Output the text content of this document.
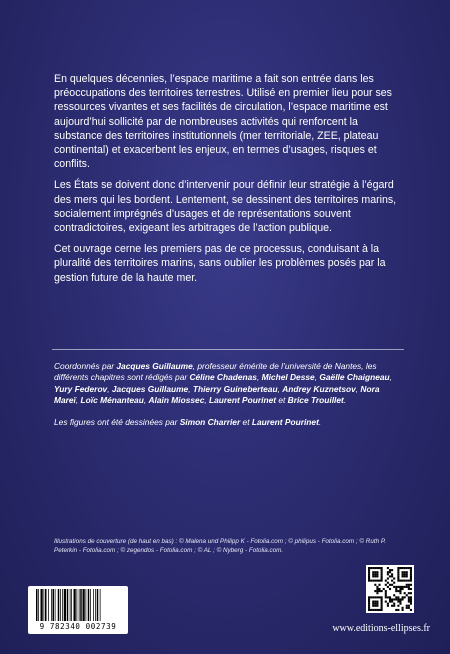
En quelques décennies, l’espace maritime a fait son entrée dans les préoccupations des territoires terrestres. Utilisé en premier lieu pour ses ressources vivantes et ses facilités de circulation, l’espace maritime est aujourd’hui sollicité par de nombreuses activités qui renforcent la substance des territoires institutionnels (mer territoriale, ZEE, plateau continental) et exacerbent les enjeux, en termes d’usages, risques et conflits.

Les États se doivent donc d’intervenir pour définir leur stratégie à l’égard des mers qui les bordent. Lentement, se dessinent des territoires marins, socialement imprégnés d’usages et de représentations souvent contradictoires, exigeant les arbitrages de l’action publique.

Cet ouvrage cerne les premiers pas de ce processus, conduisant à la pluralité des territoires marins, sans oublier les problèmes posés par la gestion future de la haute mer.

Coordonnés par Jacques Guillaume, professeur émérite de l’université de Nantes, les différents chapitres sont rédigés par Céline Chadenas, Michel Desse, Gaëlle Chaigneau, Yury Federov, Jacques Guillaume, Thierry Guineberteau, Andrey Kuznetsov, Nora Mareï, Loïc Ménanteau, Alain Miossec, Laurent Pourinet et Brice Trouillet.

Les figures ont été dessinées par Simon Charrier et Laurent Pourinet.

Illustrations de couverture (de haut en bas) : © Malena und Philipp K - Fotolia.com ; © philipus - Fotolia.com ; © Ruth P. Peterkin - Fotolia.com ; © zegendos - Fotolia.com ; © AL ; © Nyberg - Fotolia.com.
9 782340 002739	www.editions-ellipses.fr
